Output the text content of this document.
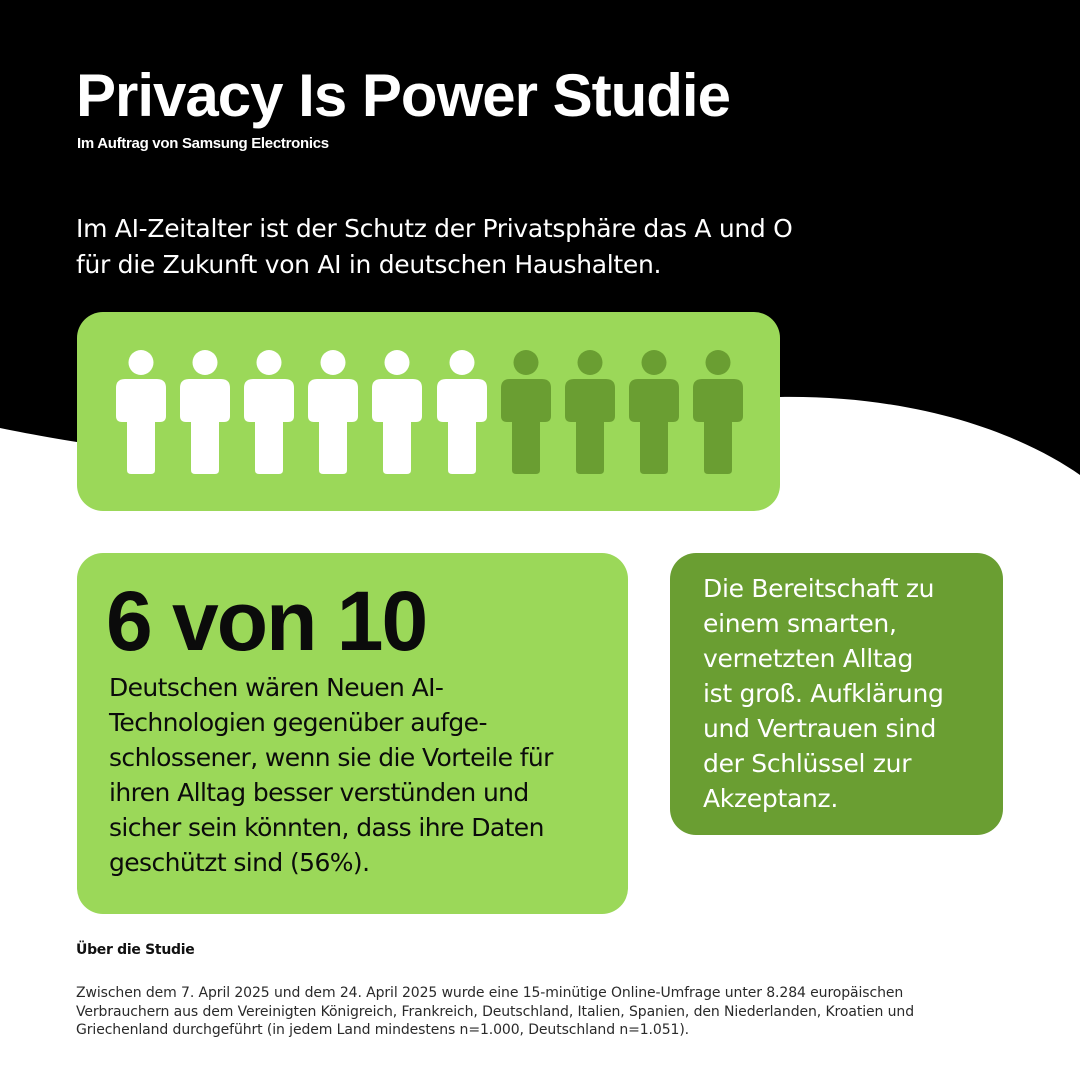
Privacy Is Power Studie
Im Auftrag von Samsung Electronics
Im AI-Zeitalter ist der Schutz der Privatsphäre das A und O
für die Zukunft von AI in deutschen Haushalten.
6 von 10
Deutschen wären Neuen AI-
Technologien gegenüber aufge-
schlossener, wenn sie die Vorteile für
ihren Alltag besser verstünden und
sicher sein könnten, dass ihre Daten
geschützt sind (56%).
Die Bereitschaft zu
einem smarten,
vernetzten Alltag
ist groß. Aufklärung
und Vertrauen sind
der Schlüssel zur
Akzeptanz.
Über die Studie
Zwischen dem 7. April 2025 und dem 24. April 2025 wurde eine 15-minütige Online-Umfrage unter 8.284 europäischen
Verbrauchern aus dem Vereinigten Königreich, Frankreich, Deutschland, Italien, Spanien, den Niederlanden, Kroatien und
Griechenland durchgeführt (in jedem Land mindestens n=1.000, Deutschland n=1.051).
